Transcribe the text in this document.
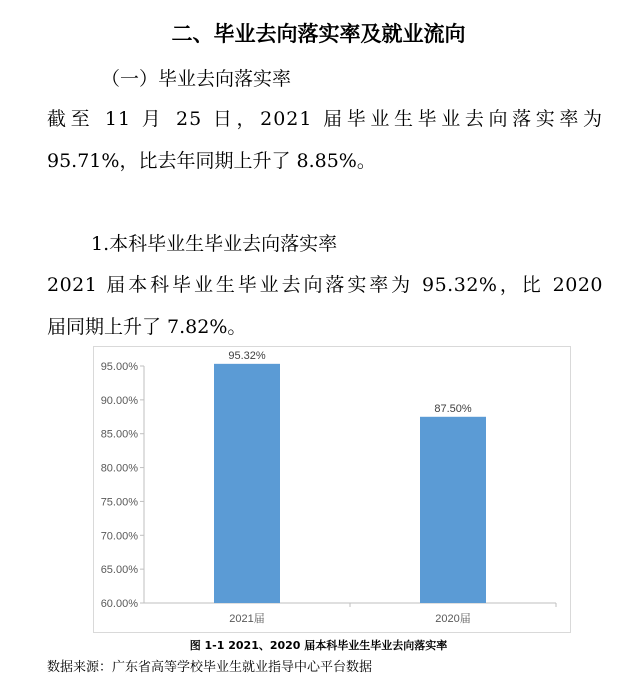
二、毕业去向落实率及就业流向
（一）毕业去向落实率
截至 11 月 25 日，2021 届毕业生毕业去向落实率为
95.71%，比去年同期上升了 8.85%。
1.本科毕业生毕业去向落实率
2021 届本科毕业生毕业去向落实率为 95.32%，比 2020
届同期上升了 7.82%。
60.00%
65.00%
70.00%
75.00%
80.00%
85.00%
90.00%
95.00%
95.32%
2021届
87.50%
2020届
图 1-1 2021、2020 届本科毕业生毕业去向落实率
数据来源：广东省高等学校毕业生就业指导中心平台数据
